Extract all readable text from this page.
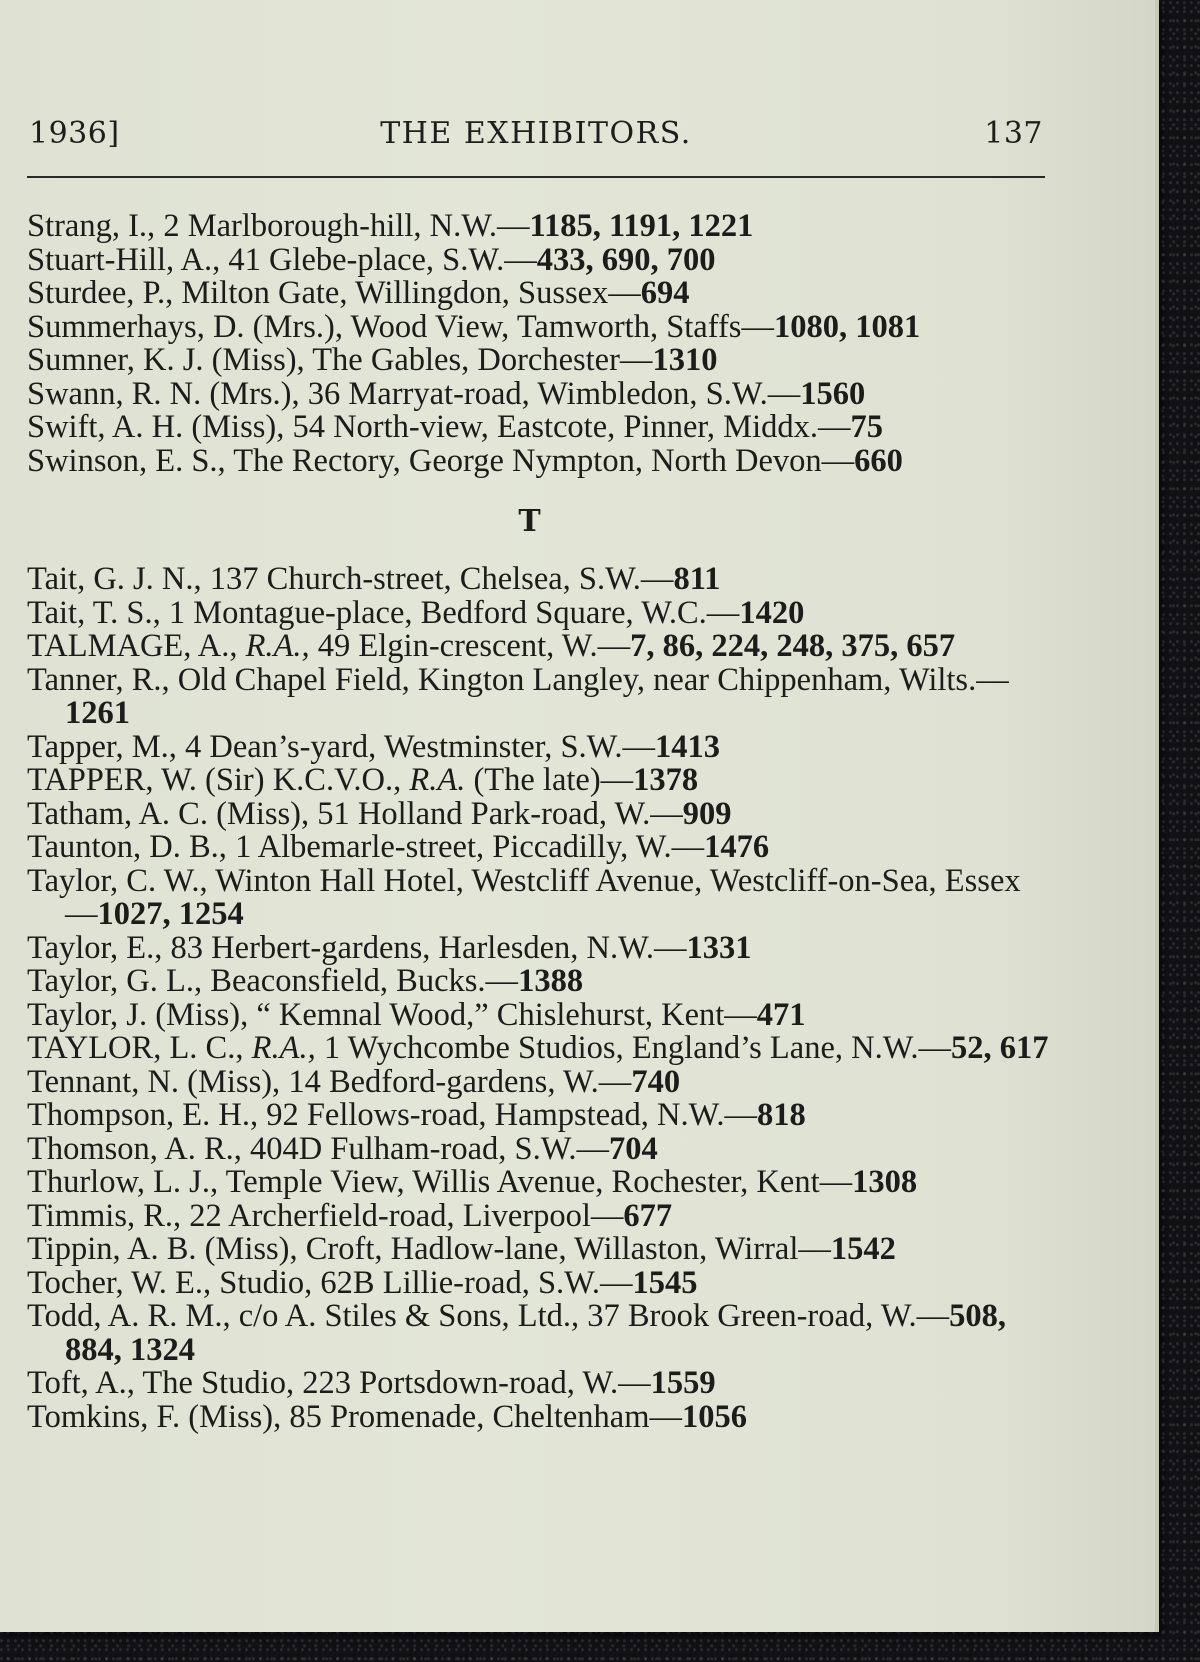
1936]	THE EXHIBITORS.	137
Strang, I., 2 Marlborough-hill, N.W.—1185, 1191, 1221
Stuart-Hill, A., 41 Glebe-place, S.W.—433, 690, 700
Sturdee, P., Milton Gate, Willingdon, Sussex—694
Summerhays, D. (Mrs.), Wood View, Tamworth, Staffs—1080, 1081
Sumner, K. J. (Miss), The Gables, Dorchester—1310
Swann, R. N. (Mrs.), 36 Marryat-road, Wimbledon, S.W.—1560
Swift, A. H. (Miss), 54 North-view, Eastcote, Pinner, Middx.—75
Swinson, E. S., The Rectory, George Nympton, North Devon—660
T
Tait, G. J. N., 137 Church-street, Chelsea, S.W.—811
Tait, T. S., 1 Montague-place, Bedford Square, W.C.—1420
TALMAGE, A., R.A., 49 Elgin-crescent, W.—7, 86, 224, 248, 375, 657
Tanner, R., Old Chapel Field, Kington Langley, near Chippenham, Wilts.—1261
Tapper, M., 4 Dean’s-yard, Westminster, S.W.—1413
TAPPER, W. (Sir) K.C.V.O., R.A. (The late)—1378
Tatham, A. C. (Miss), 51 Holland Park-road, W.—909
Taunton, D. B., 1 Albemarle-street, Piccadilly, W.—1476
Taylor, C. W., Winton Hall Hotel, Westcliff Avenue, Westcliff-on-Sea, Essex—1027, 1254
Taylor, E., 83 Herbert-gardens, Harlesden, N.W.—1331
Taylor, G. L., Beaconsfield, Bucks.—1388
Taylor, J. (Miss), “ Kemnal Wood,” Chislehurst, Kent—471
TAYLOR, L. C., R.A., 1 Wychcombe Studios, England’s Lane, N.W.—52, 617
Tennant, N. (Miss), 14 Bedford-gardens, W.—740
Thompson, E. H., 92 Fellows-road, Hampstead, N.W.—818
Thomson, A. R., 404D Fulham-road, S.W.—704
Thurlow, L. J., Temple View, Willis Avenue, Rochester, Kent—1308
Timmis, R., 22 Archerfield-road, Liverpool—677
Tippin, A. B. (Miss), Croft, Hadlow-lane, Willaston, Wirral—1542
Tocher, W. E., Studio, 62B Lillie-road, S.W.—1545
Todd, A. R. M., c/o A. Stiles & Sons, Ltd., 37 Brook Green-road, W.—508, 884, 1324
Toft, A., The Studio, 223 Portsdown-road, W.—1559
Tomkins, F. (Miss), 85 Promenade, Cheltenham—1056
